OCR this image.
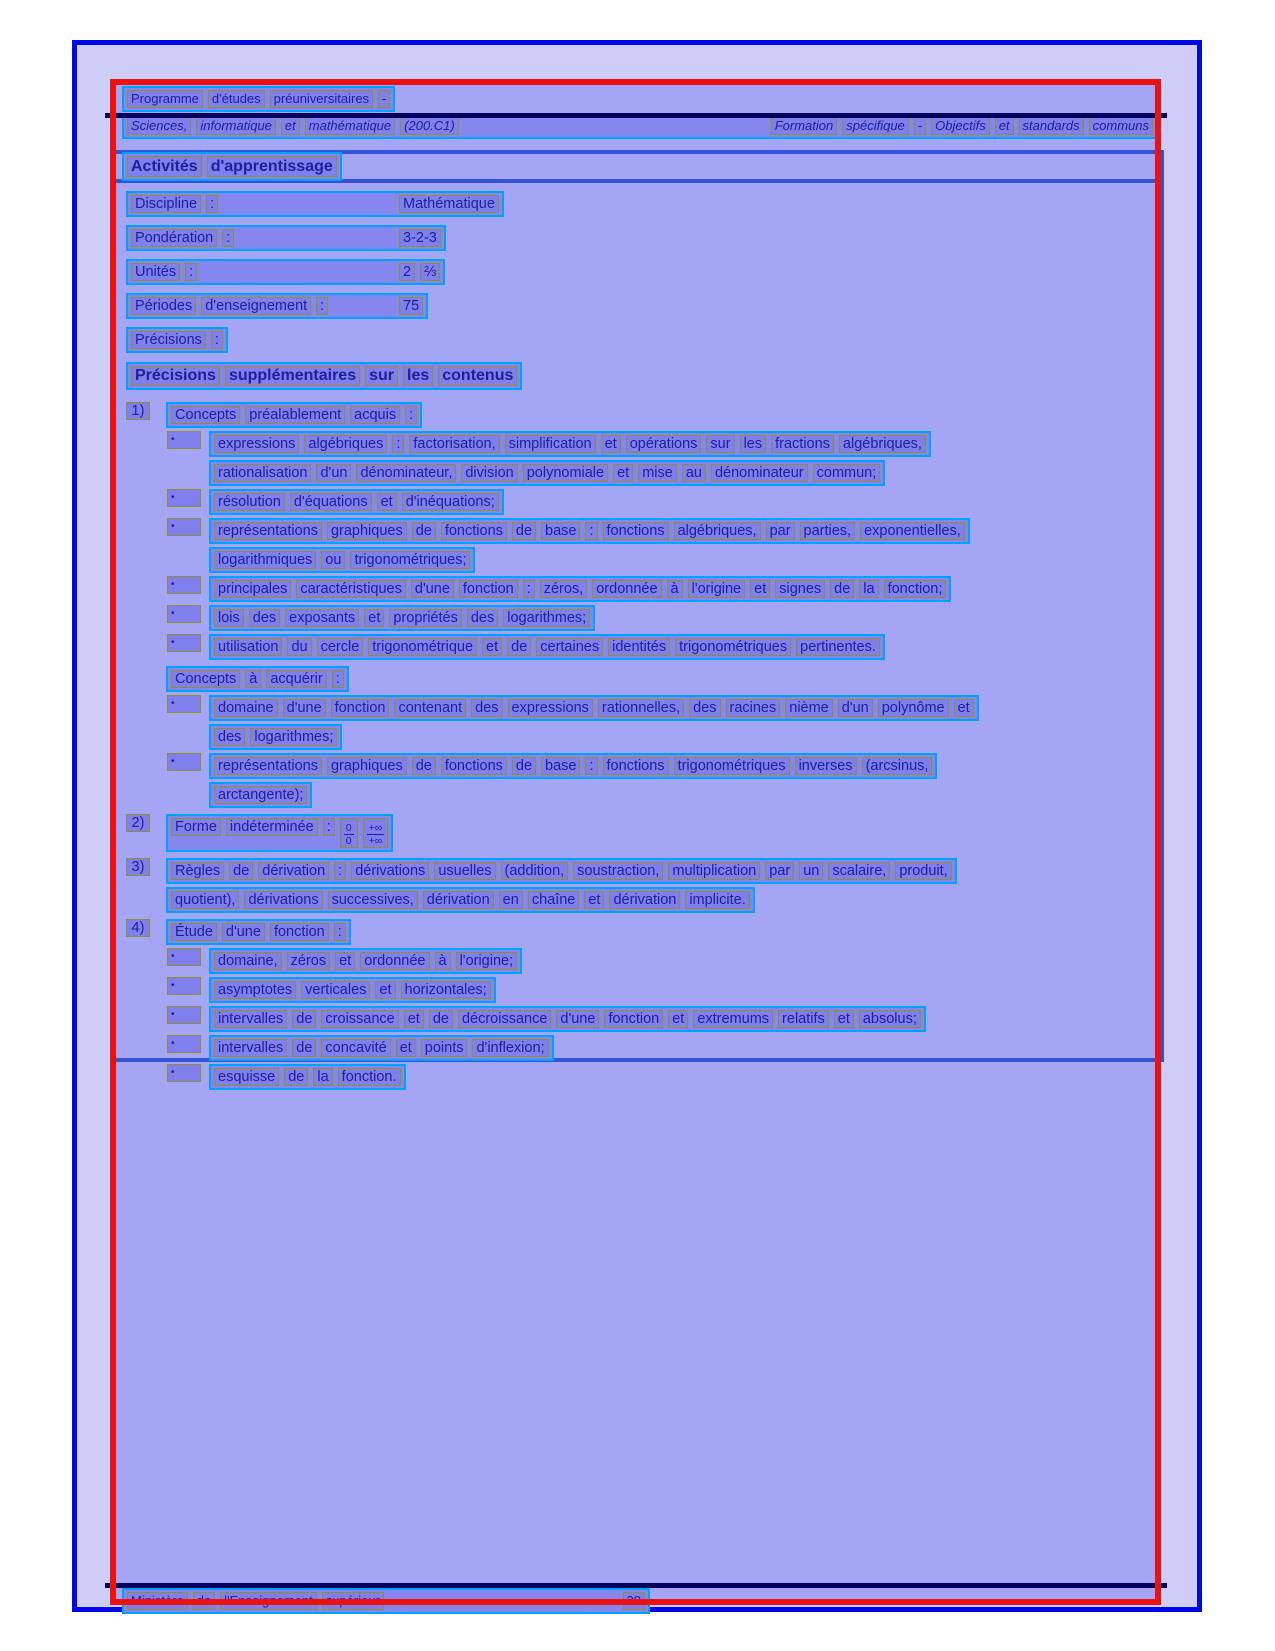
Programme	d'études	préuniversitaires	-
Sciences,	informatique	et	mathématique	(200.C1)	Formation	spécifique	-	Objectifs	et	standards	communs
Activités d'apprentissage
Discipline :	Mathématique
Pondération :	3-2-3
Unités :	2 ⅔
Périodes d'enseignement :	75
Précisions :
Précisions supplémentaires sur les contenus
1)	Concepts préalablement acquis :
•	expressions algébriques : factorisation, simplification et opérations sur les fractions algébriques,
rationalisation d'un dénominateur, division polynomiale et mise au dénominateur commun;
•	résolution d'équations et d'inéquations;
•	représentations graphiques de fonctions de base : fonctions algébriques, par parties, exponentielles,
logarithmiques ou trigonométriques;
•	principales caractéristiques d'une fonction : zéros, ordonnée à l'origine et signes de la fonction;
•	lois des exposants et propriétés des logarithmes;
•	utilisation du cercle trigonométrique et de certaines identités trigonométriques pertinentes.
Concepts à acquérir :
•	domaine d'une fonction contenant des expressions rationnelles, des racines nième d'un polynôme et
des logarithmes;
•	représentations graphiques de fonctions de base : fonctions trigonométriques inverses (arcsinus,
arctangente);
2)	Forme indéterminée :	$\frac{0}{0} \frac{+\infty}{+\infty}$
3)	Règles de dérivation : dérivations usuelles (addition, soustraction, multiplication par un scalaire, produit,
quotient), dérivations successives, dérivation en chaîne et dérivation implicite.
4)	Étude d'une fonction :
•	domaine, zéros et ordonnée à l'origine;
•	asymptotes verticales et horizontales;
•	intervalles de croissance et de décroissance d'une fonction et extremums relatifs et absolus;
•	intervalles de concavité et points d'inflexion;
•	esquisse de la fonction.
Ministère	de	l'Enseignement	supérieur	29
